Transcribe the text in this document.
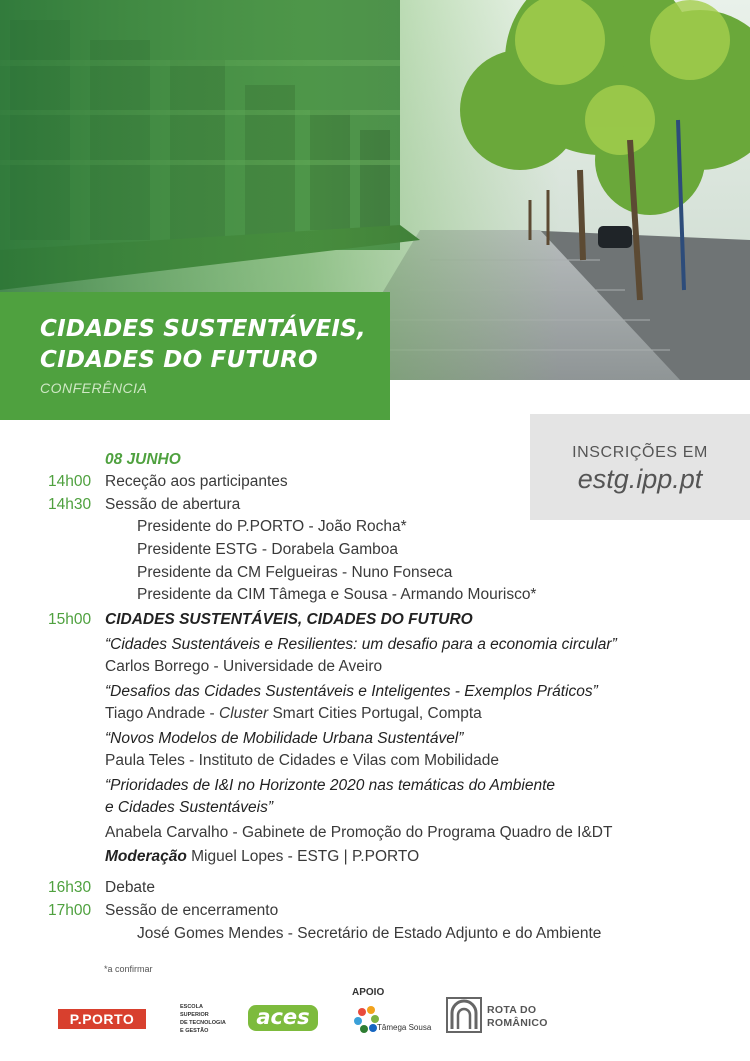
CIDADES SUSTENTÁVEIS,
CIDADES DO FUTURO
CONFERÊNCIA
INSCRIÇÕES EM
estg.ipp.pt
08 JUNHO
14h00 Receção aos participantes
14h30 Sessão de abertura
Presidente do P.PORTO - João Rocha*
Presidente ESTG - Dorabela Gamboa
Presidente da CM Felgueiras - Nuno Fonseca
Presidente da CIM Tâmega e Sousa - Armando Mourisco*
15h00 CIDADES SUSTENTÁVEIS, CIDADES DO FUTURO
“Cidades Sustentáveis e Resilientes: um desafio para a economia circular”
Carlos Borrego - Universidade de Aveiro
“Desafios das Cidades Sustentáveis e Inteligentes - Exemplos Práticos”
Tiago Andrade - Cluster Smart Cities Portugal, Compta
“Novos Modelos de Mobilidade Urbana Sustentável”
Paula Teles - Instituto de Cidades e Vilas com Mobilidade
“Prioridades de I&I no Horizonte 2020 nas temáticas do Ambiente
e Cidades Sustentáveis”
Anabela Carvalho - Gabinete de Promoção do Programa Quadro de I&DT
Moderação Miguel Lopes - ESTG | P.PORTO
16h30 Debate
17h00 Sessão de encerramento
José Gomes Mendes - Secretário de Estado Adjunto e do Ambiente
*a confirmar
P.PORTO
ESCOLA
SUPERIOR
DE TECNOLOGIA
E GESTÃO
aces
APOIO
Tâmega Sousa
ROTA DO
ROMÂNICO
